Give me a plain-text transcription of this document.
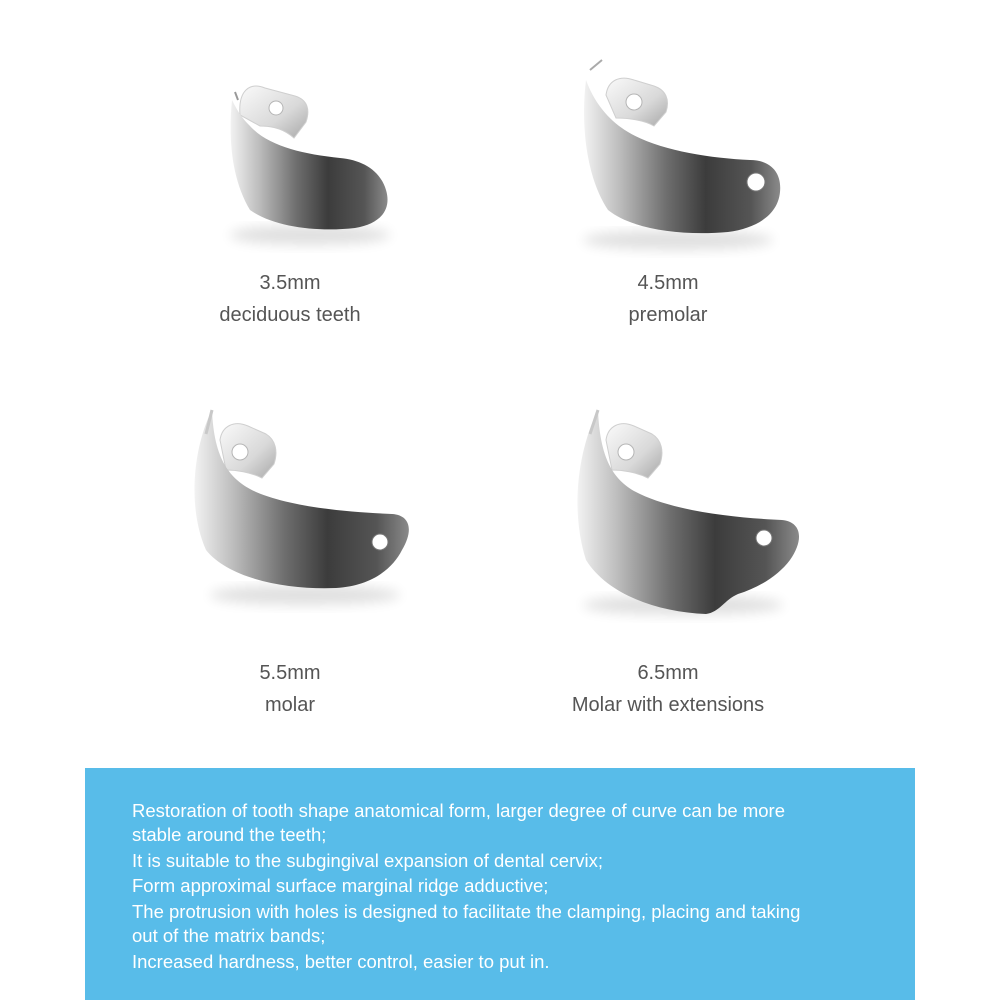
3.5mm
deciduous teeth
4.5mm
premolar
5.5mm
molar
6.5mm
Molar with extensions
Restoration of tooth shape anatomical form, larger degree of curve can be more
stable around the teeth;
It is suitable to the subgingival expansion of dental cervix;
Form approximal surface marginal ridge adductive;
The protrusion with holes is designed to facilitate the clamping, placing and taking
out of the matrix bands;
Increased hardness, better control, easier to put in.
